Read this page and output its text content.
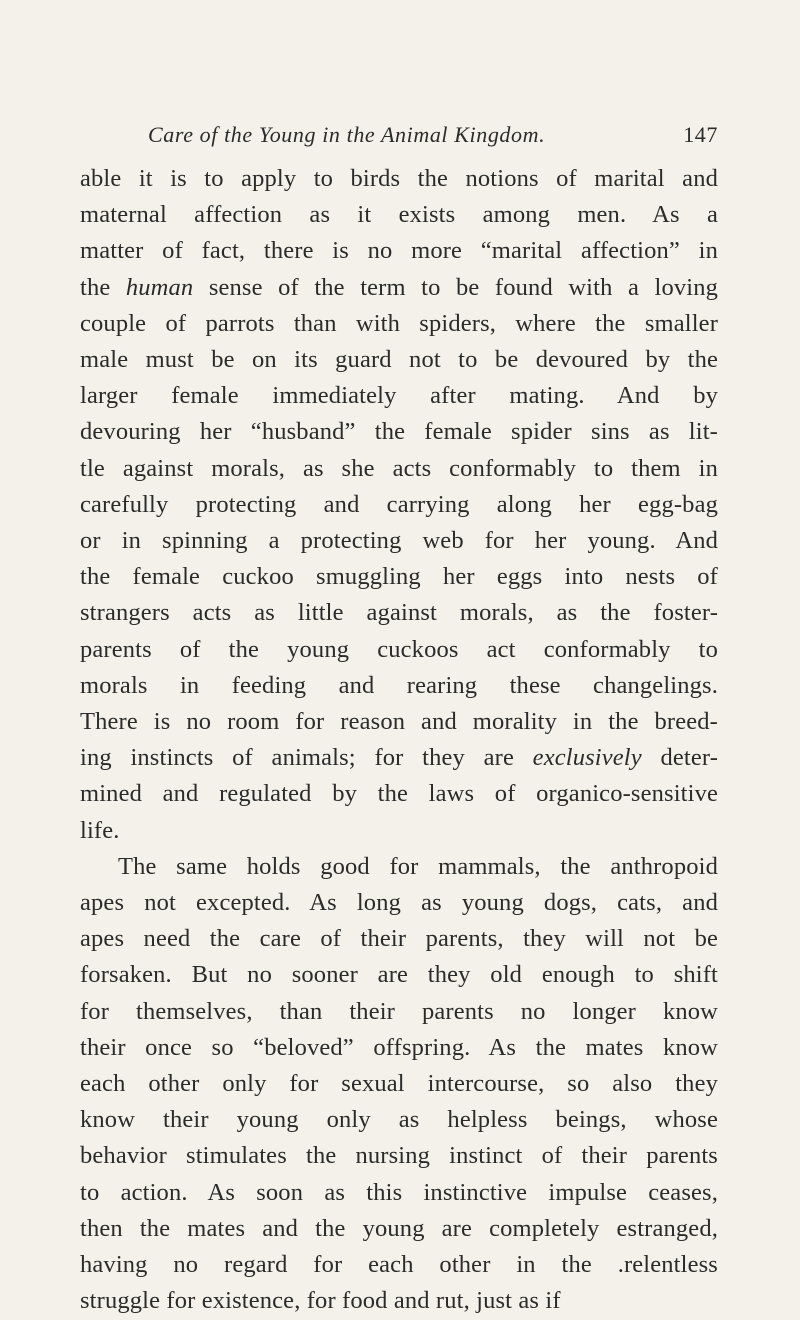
Care of the Young in the Animal Kingdom.	147
able it is to apply to birds the notions of marital and
maternal affection as it exists among men. As a
matter of fact, there is no more “marital affection” in
the human sense of the term to be found with a loving
couple of parrots than with spiders, where the smaller
male must be on its guard not to be devoured by the
larger female immediately after mating. And by
devouring her “husband” the female spider sins as lit-
tle against morals, as she acts conformably to them in
carefully protecting and carrying along her egg-bag
or in spinning a protecting web for her young. And
the female cuckoo smuggling her eggs into nests of
strangers acts as little against morals, as the foster-
parents of the young cuckoos act conformably to
morals in feeding and rearing these changelings.
There is no room for reason and morality in the breed-
ing instincts of animals; for they are exclusively deter-
mined and regulated by the laws of organico-sensitive
life.
The same holds good for mammals, the anthropoid
apes not excepted. As long as young dogs, cats, and
apes need the care of their parents, they will not be
forsaken. But no sooner are they old enough to shift
for themselves, than their parents no longer know
their once so “beloved” offspring. As the mates know
each other only for sexual intercourse, so also they
know their young only as helpless beings, whose
behavior stimulates the nursing instinct of their parents
to action. As soon as this instinctive impulse ceases,
then the mates and the young are completely estranged,
having no regard for each other in the .relentless
struggle for existence, for food and rut, just as if
